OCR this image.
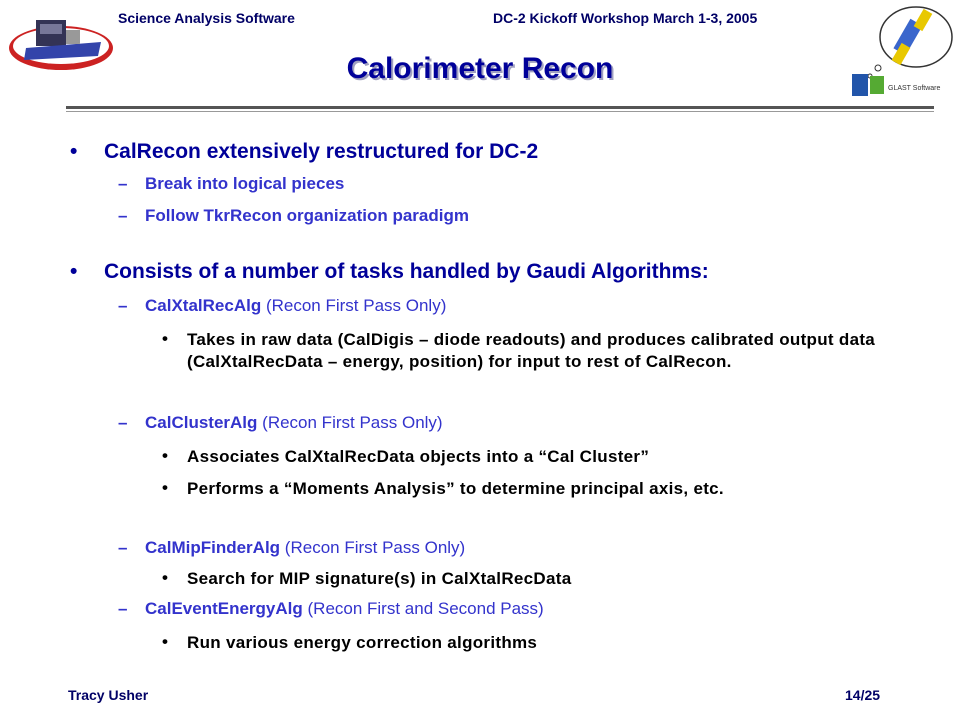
Science Analysis Software	DC-2 Kickoff Workshop March 1-3, 2005
GLAST Software
Calorimeter Recon
• CalRecon extensively restructured for DC-2
– Break into logical pieces
– Follow TkrRecon organization paradigm
• Consists of a number of tasks handled by Gaudi Algorithms:
– CalXtalRecAlg (Recon First Pass Only)
• Takes in raw data (CalDigis – diode readouts) and produces calibrated output data (CalXtalRecData – energy, position) for input to rest of CalRecon.
– CalClusterAlg (Recon First Pass Only)
• Associates CalXtalRecData objects into a “Cal Cluster”
• Performs a “Moments Analysis” to determine principal axis, etc.
– CalMipFinderAlg (Recon First Pass Only)
• Search for MIP signature(s) in CalXtalRecData
– CalEventEnergyAlg (Recon First and Second Pass)
• Run various energy correction algorithms
Tracy Usher	14/25
